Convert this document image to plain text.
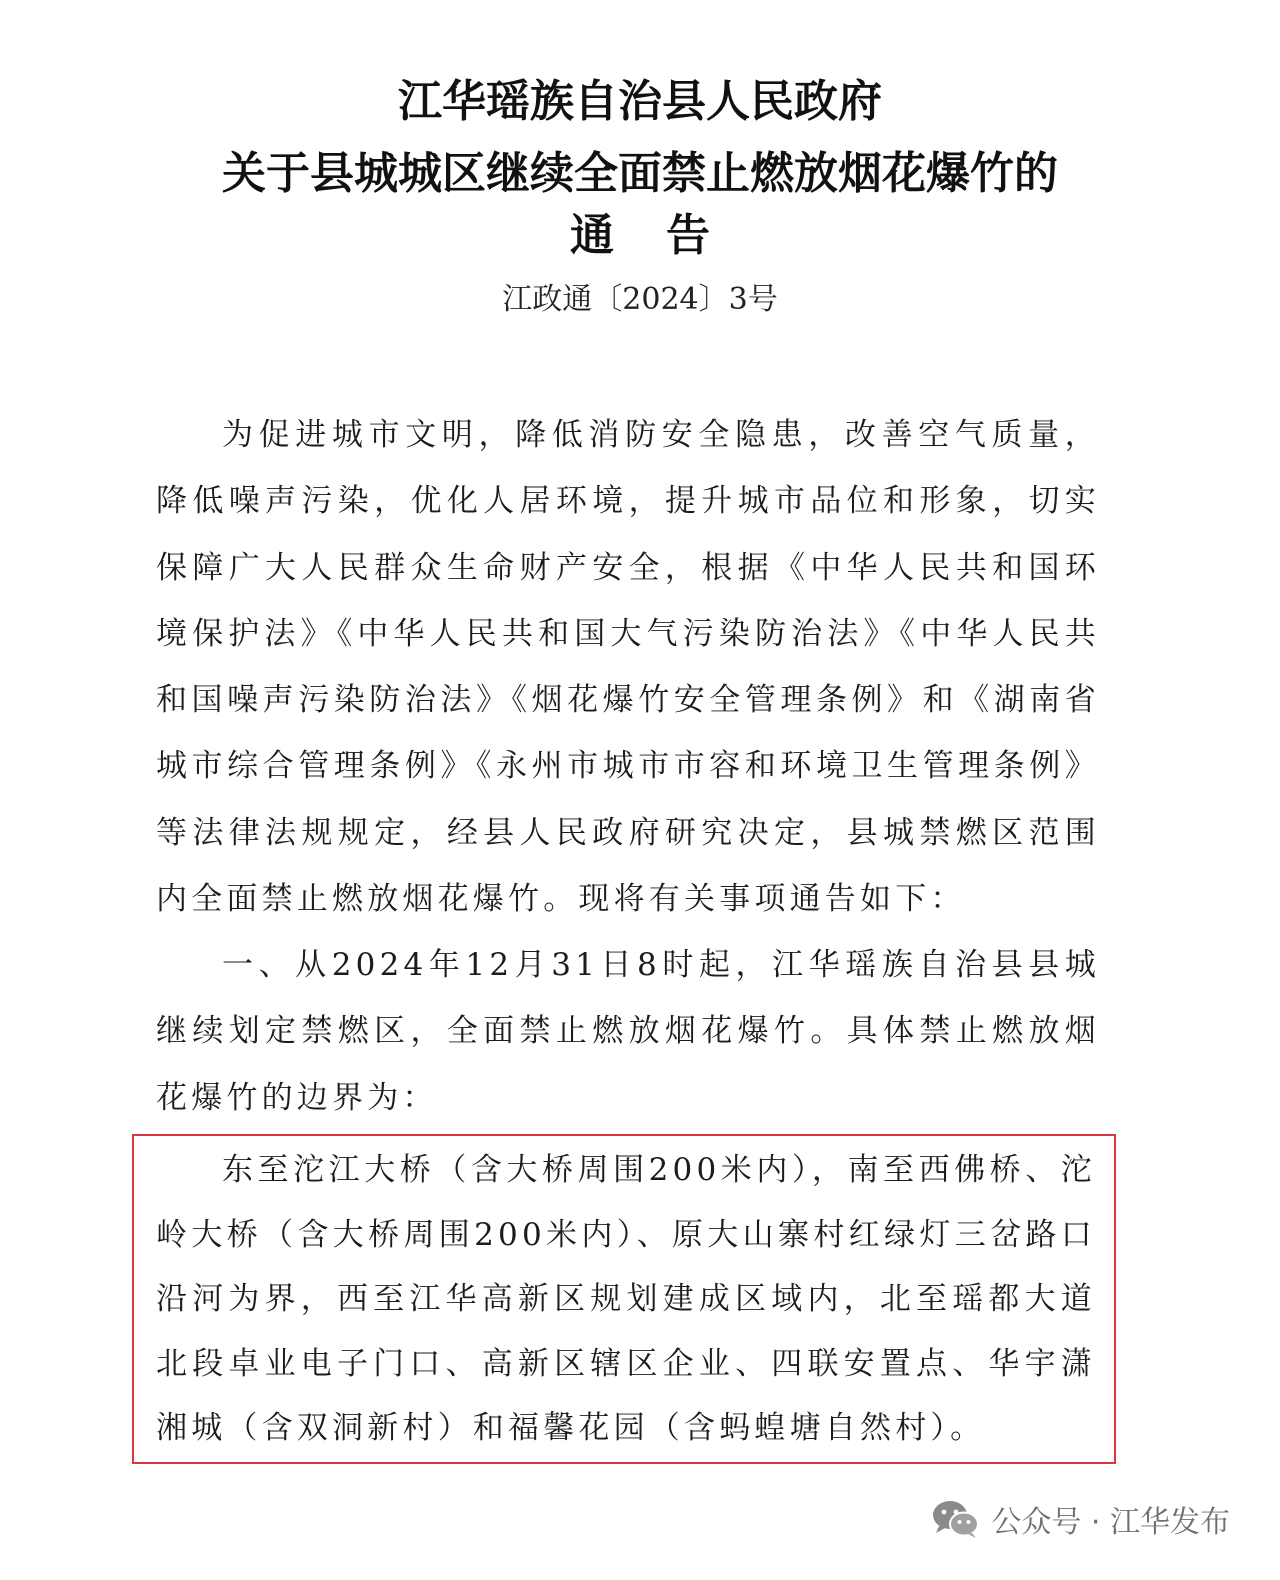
江华瑶族自治县人民政府
关于县城城区继续全面禁止燃放烟花爆竹的
通告
江政通〔2024〕3号

为促进城市文明，降低消防安全隐患，改善空气质量，降低噪声污染，优化人居环境，提升城市品位和形象，切实保障广大人民群众生命财产安全，根据《中华人民共和国环境保护法》《中华人民共和国大气污染防治法》《中华人民共和国噪声污染防治法》《烟花爆竹安全管理条例》和《湖南省城市综合管理条例》《永州市城市市容和环境卫生管理条例》等法律法规规定，经县人民政府研究决定，县城禁燃区范围内全面禁止燃放烟花爆竹。现将有关事项通告如下：

一、从2024年12月31日8时起，江华瑶族自治县县城继续划定禁燃区，全面禁止燃放烟花爆竹。具体禁止燃放烟花爆竹的边界为：

东至沱江大桥（含大桥周围200米内），南至西佛桥、沱岭大桥（含大桥周围200米内）、原大山寨村红绿灯三岔路口沿河为界，西至江华高新区规划建成区域内，北至瑶都大道北段卓业电子门口、高新区辖区企业、四联安置点、华宇潇湘城（含双洞新村）和福馨花园（含蚂蝗塘自然村）。

公众号 · 江华发布
